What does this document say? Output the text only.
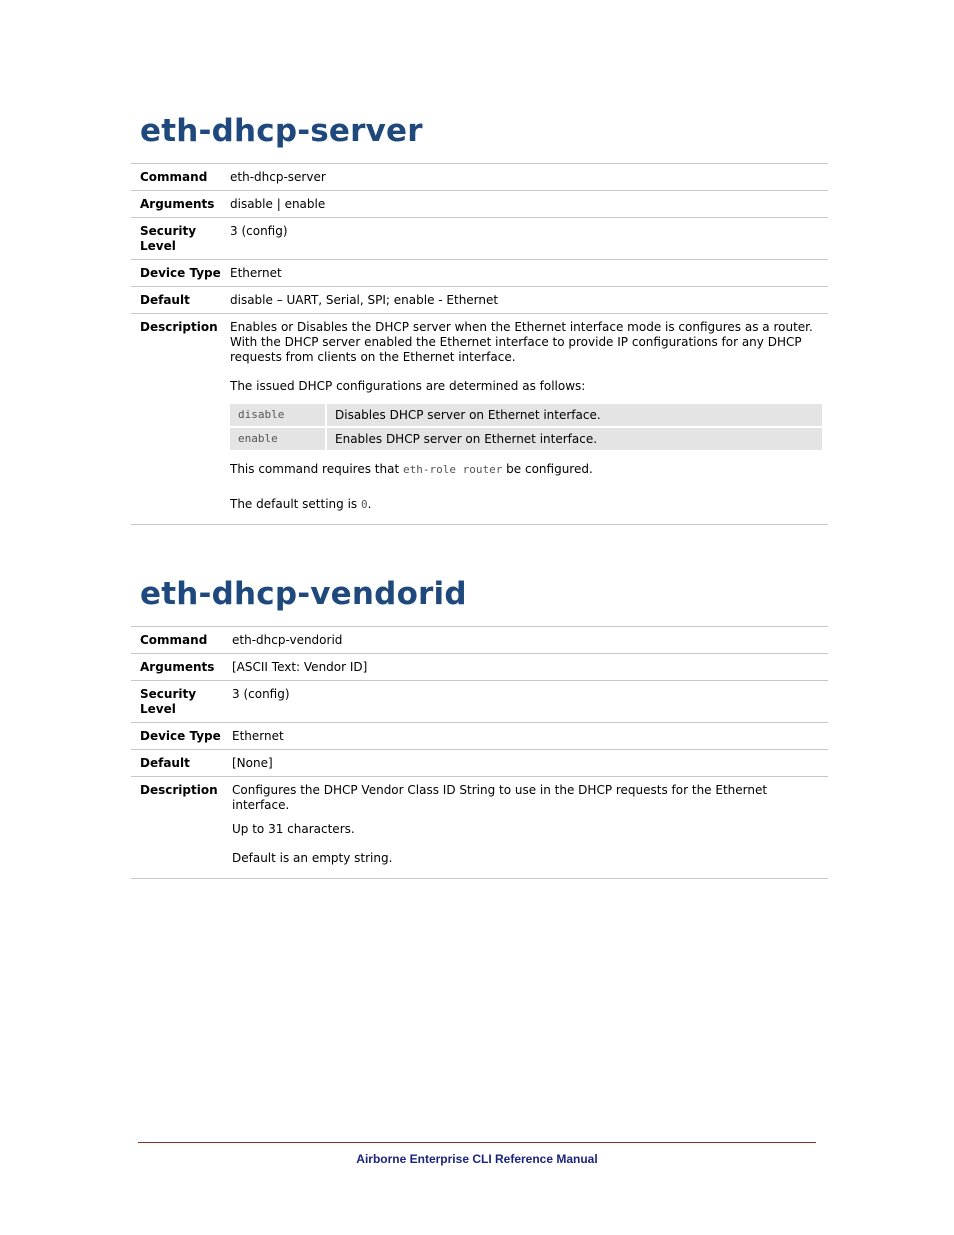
eth-dhcp-server
Command	eth-dhcp-server
Arguments	disable | enable
Security Level	3 (config)
Device Type	Ethernet
Default	disable – UART, Serial, SPI; enable - Ethernet
Description	Enables or Disables the DHCP server when the Ethernet interface mode is configures as a router. With the DHCP server enabled the Ethernet interface to provide IP configurations for any DHCP requests from clients on the Ethernet interface.

The issued DHCP configurations are determined as follows:

disable	Disables DHCP server on Ethernet interface.
enable	Enables DHCP server on Ethernet interface.

This command requires that eth-role router be configured.

The default setting is 0.

eth-dhcp-vendorid
Command	eth-dhcp-vendorid
Arguments	[ASCII Text: Vendor ID]
Security Level	3 (config)
Device Type	Ethernet
Default	[None]
Description	Configures the DHCP Vendor Class ID String to use in the DHCP requests for the Ethernet interface.

Up to 31 characters.

Default is an empty string.

Airborne Enterprise CLI Reference Manual
